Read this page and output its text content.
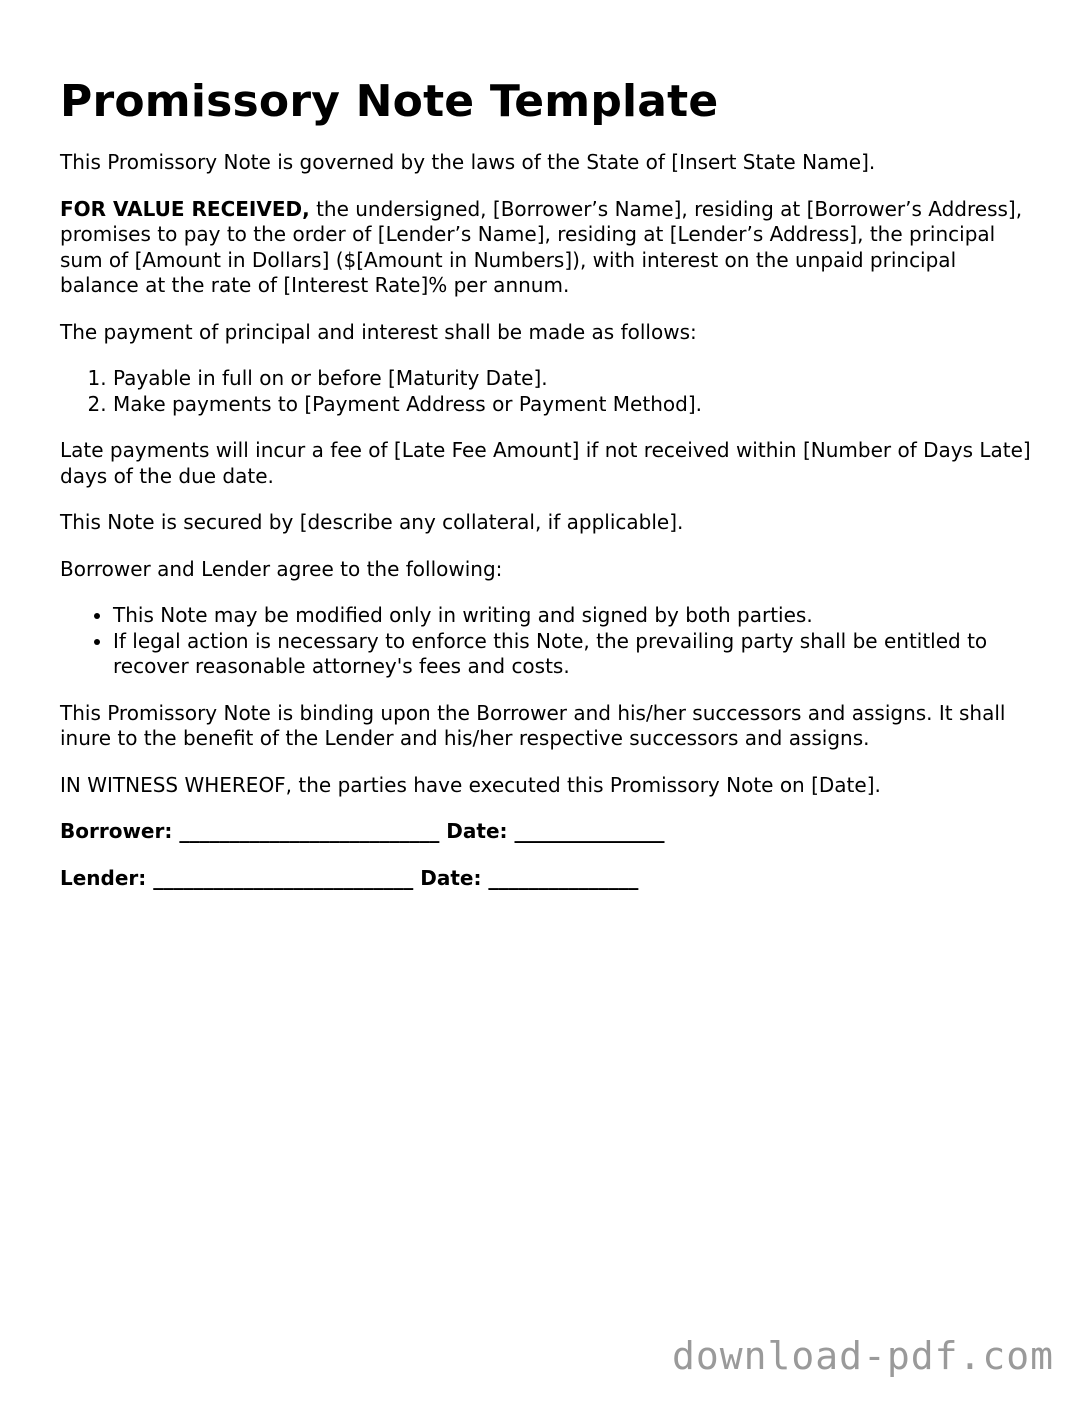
Promissory Note Template

This Promissory Note is governed by the laws of the State of [Insert State Name].

FOR VALUE RECEIVED, the undersigned, [Borrower’s Name], residing at [Borrower’s Address], promises to pay to the order of [Lender’s Name], residing at [Lender’s Address], the principal sum of [Amount in Dollars] ($[Amount in Numbers]), with interest on the unpaid principal balance at the rate of [Interest Rate]% per annum.

The payment of principal and interest shall be made as follows:

1. Payable in full on or before [Maturity Date].
2. Make payments to [Payment Address or Payment Method].

Late payments will incur a fee of [Late Fee Amount] if not received within [Number of Days Late] days of the due date.

This Note is secured by [describe any collateral, if applicable].

Borrower and Lender agree to the following:

• This Note may be modified only in writing and signed by both parties.
• If legal action is necessary to enforce this Note, the prevailing party shall be entitled to recover reasonable attorney's fees and costs.

This Promissory Note is binding upon the Borrower and his/her successors and assigns. It shall inure to the benefit of the Lender and his/her respective successors and assigns.

IN WITNESS WHEREOF, the parties have executed this Promissory Note on [Date].

Borrower: __________________________ Date: _______________
Lender: __________________________ Date: _______________
download-pdf.com
